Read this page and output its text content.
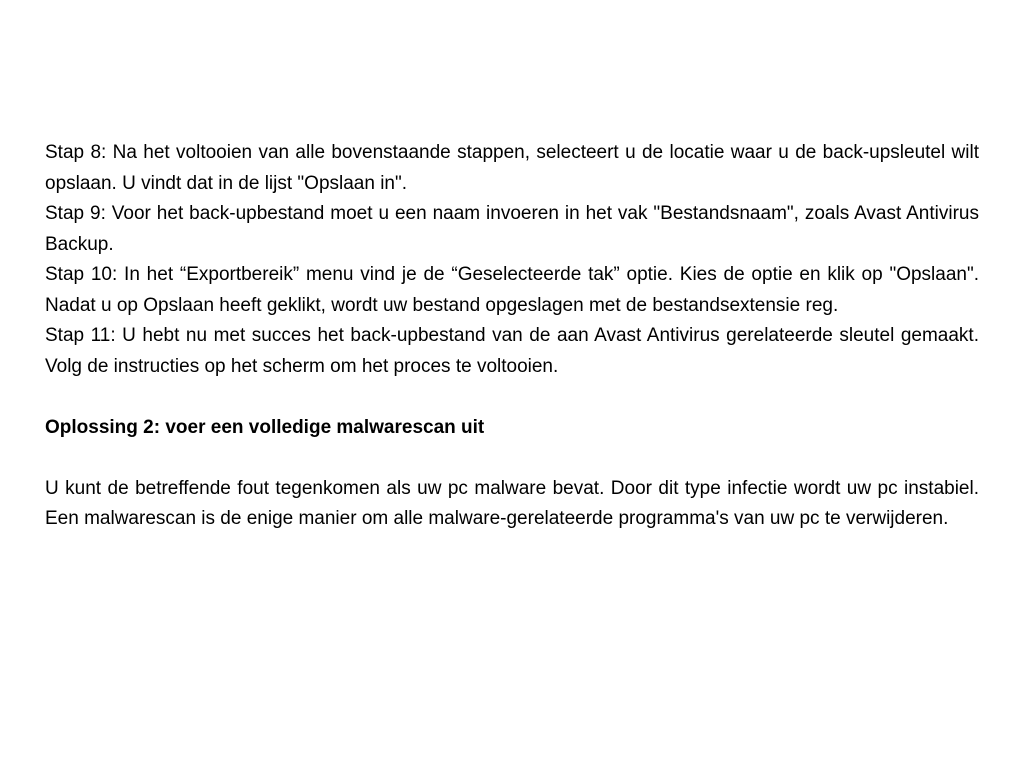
Stap 8: Na het voltooien van alle bovenstaande stappen, selecteert u de locatie waar u de back-upsleutel wilt opslaan. U vindt dat in de lijst "Opslaan in".

Stap 9: Voor het back-upbestand moet u een naam invoeren in het vak "Bestandsnaam", zoals Avast Antivirus Backup.

Stap 10: In het “Exportbereik” menu vind je de “Geselecteerde tak” optie. Kies de optie en klik op "Opslaan". Nadat u op Opslaan heeft geklikt, wordt uw bestand opgeslagen met de bestandsextensie reg.

Stap 11: U hebt nu met succes het back-upbestand van de aan Avast Antivirus gerelateerde sleutel gemaakt. Volg de instructies op het scherm om het proces te voltooien.

Oplossing 2: voer een volledige malwarescan uit

U kunt de betreffende fout tegenkomen als uw pc malware bevat. Door dit type infectie wordt uw pc instabiel. Een malwarescan is de enige manier om alle malware-gerelateerde programma's van uw pc te verwijderen.
